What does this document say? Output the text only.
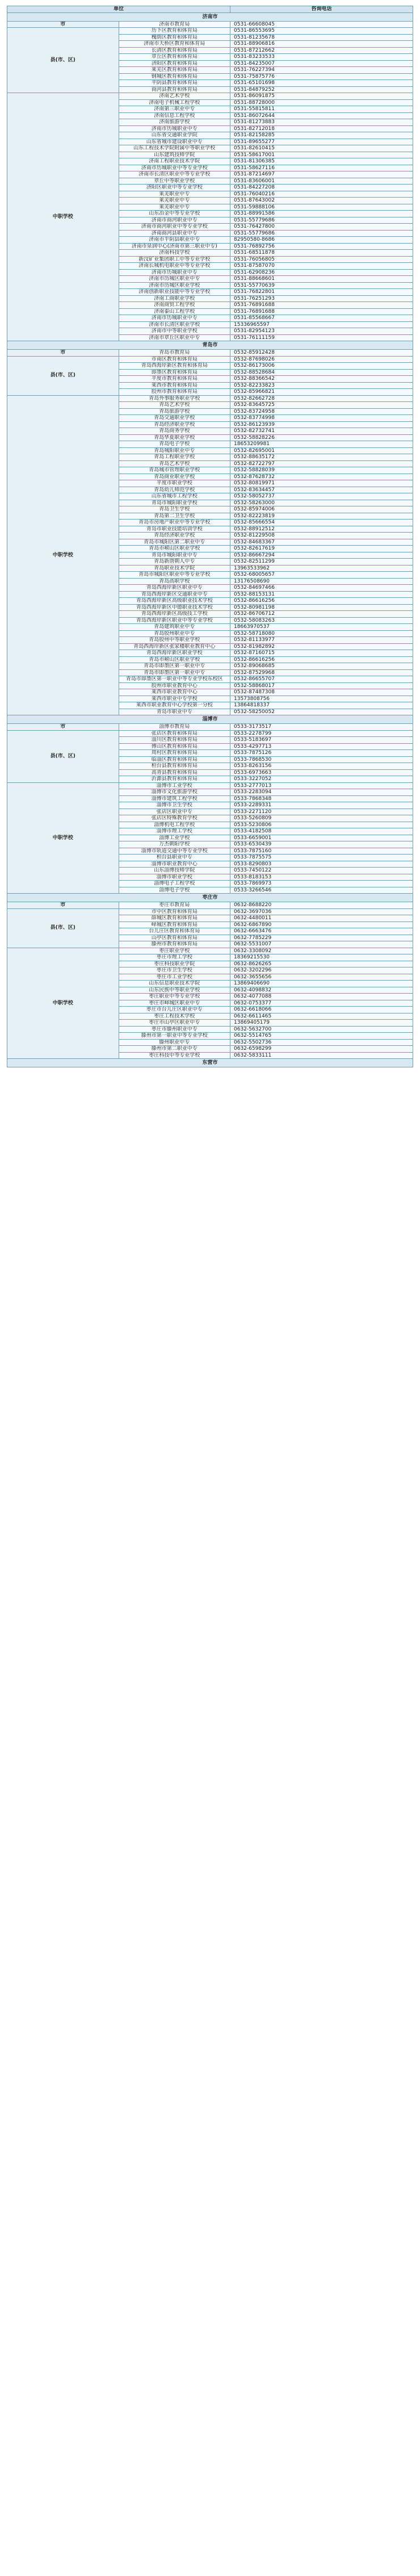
单位		咨询电话
济南市		
市	济南市教育局	0531-66608045
县(市、区)	历下区教育和体育局	0531-86553695
	槐荫区教育和体育局	0531-81235678
	济南市天桥区教育和体育局	0531-88906816
	长清区教育和体育局	0531-87212662
	章丘区教育和体育局	0531-83233533
	济阳区教育和体育局	0531-84235007
	莱芜区教育和体育局	0531-76227394
	钢城区教育和体育局	0531-75875776
	平阴县教育和体育局	0531-65101698
	商河县教育和体育局	0531-84879252
中职学校	济南艺术学校	0531-86091875
	济南电子机械工程学校	0531-88728000
	济南第三职业中专	0531-55815811
	济南信息工程学校	0531-86072644
	济南旅游学校	0531-81273883
	济南市历城职业中专	0531-82712018
	山东省交通职业学院	0531-82158285
	山东省城市建设职业中专	0531-89655277
	山东工程技术学院附属中等职业学校	0531-82610415
	山东建筑技师学院	0531-58617001
	济南工程职业技术学院	0531-81306385
	济南市历城职业中等专业学校	0531-58627116
	济南市长清区职业中等专业学校	0531-87214697
	章丘中等职业学校	0531-83606001
	济阳区职业中等专业学校	0531-84227208
	莱芜职业中专	0531-76040216
	莱芜职业中专	0531-87643002
	莱芜职业中专	0531-59888106
	山东冶金中等专业学校	0531-88991586
	济南市商河职业中专	0531-55779686
	济南市商河职业中等专业学校	0531-76427800
	济南商河县职业中专	0531-55779686
	济南市平阴县职业中专	82950580-8686
	济南市泉润中心(济南市第三职业中专)	0531-76892756
	济南科技学校	0531-68511878
	新汶矿业集团职工中等专业学校	0531-76056805
	济南长城机电职业中等专业学校	0531-87587070
	济南市历城职业中专	0531-62908236
	济南市历城区职业中专	0531-88668601
	济南市历城区职业学校	0531-55770639
	济南创新职业技能中等专业学校	0531-76822801
	济南工商职业学校	0531-76251293
	济南商贸工程学校	0531-76891688
	济南泰山工程学校	0531-76891688
	济南市历城职业中专	0531-85568667
	济南市长清区职业学校	15336965597
	济南市中等职业学校	0531-82954123
	济南市章丘区职业中专	0531-76111159
青岛市		
市	青岛市教育局	0532-85912428
县(市、区)	市南区教育和体育局	0532-87698026
	青岛西海岸新区教育和体育局	0532-86173006
	即墨区教育和体育局	0532-88528684
	平度市教育和体育局	0532-88366542
	莱西市教育和体育局	0532-82233823
	胶州市教育和体育局	0532-85966821
中职学校	青岛外事服务职业学校	0532-82662728
	青岛艺术学校	0532-83645725
	青岛旅游学校	0532-83724958
	青岛交通职业学校	0532-83774998
	青岛经济职业学校	0532-86123939
	青岛商务学校	0532-82732741
	青岛华夏职业学校	0532-58828226
	青岛电子学校	18653209981
	青岛城阳职业中专	0532-82695001
	青岛工程职业学校	0532-88635172
	青岛艺术学校	0532-82722797
	青岛城市管理职业学校	0532-58828039
	青岛商业职业学校	0532-87628732
	平度市职业学校	0532-80819971
	青岛幼儿师范学校	0532-83634457
	山东省城市工程学校	0532-58052737
	青岛市城阳职业学校	0532-58263000
	青岛卫生学校	0532-85974006
	青岛第二卫生学校	0532-82223819
	青岛市房地产职业中等专业学校	0532-85666554
	青岛市职业技能培训学校	0532-88912512
	青岛经济职业学校	0532-81229508
	青岛市城阳区第二职业中专	0532-84683367
	青岛市崂山区职业学校	0532-82617619
	青岛市城阳职业中专	0532-86667294
	青岛新唐朝人中专	0532-82511299
	青岛职业技术学院	13963533962
	青岛市城阳区职业中等专业学校	0532-68005657
	青岛高职学校	13176508690
	青岛西海岸新区职业中专	0532-84697466
	青岛西海岸新区交通职业中专	0532-88153131
	青岛西海岸新区高级职业技术学校	0532-86616256
	青岛西海岸新区中德职业技术学校	0532-80981198
	青岛西海岸新区高级技工学校	0532-86706712
	青岛西海岸新区职业中等专业学校	0532-58083263
	青岛建筑职业中专	18663970537
	青岛胶州职业中专	0532-58718080
	青岛胶州中等职业学校	0532-81133977
	青岛西海岸新区张家楼职业教育中心	0532-81982892
	青岛西海岸新区职业学校	0532-87160715
	青岛市崂山区职业学校	0532-86616256
	青岛市即墨区第一职业中专	0532-89068685
	青岛市即墨区第一职业中专	0532-87529968
	青岛市即墨区第一职业中等专业学校东校区	0532-86655707
	胶州市职业教育中心	0532-58868017
	莱西市职业教育中心	0532-87487308
	莱西市职业中专学校	13573808756
	莱西市职业教育中心学校第一分校	13864818337
	青岛市职业中专	0532-58250052
淄博市		
市	淄博市教育局	0533-3173517
县(市、区)	张店区教育和体育局	0533-2278799
	淄川区教育和体育局	0533-5183697
	博山区教育和体育局	0533-4297713
	周村区教育和体育局	0533-7875126
	临淄区教育和体育局	0533-7868530
	桓台县教育和体育局	0533-8263156
	高青县教育和体育局	0533-6973663
	沂源县教育和体育局	0533-3227052
中职学校	淄博市工业学校	0533-2777013
	淄博市文化旅游学校	0533-2283094
	淄博市建筑工程学校	0533-7868348
	淄博市卫生学校	0533-2289331
	张店区职业中专	0533-2271120
	张店区特殊教育学校	0533-5260809
	淄博机电工程学校	0533-5230806
	淄博市理工学校	0533-4182508
	淄博工业学校	0533-6659001
	万杰朝阳学校	0533-6530439
	淄博市轨道交通中等专业学校	0533-7875160
	桓台县职业中专	0533-7875575
	淄博市职业教育中心	0533-8290803
	山东淄博技师学院	0533-7450122
	淄博市职业学校	0533-8183153
	淄博电子工程学校	0533-7869973
	淄博电子学校	0533-3266546
枣庄市		
市	枣庄市教育局	0632-8688220
县(市、区)	市中区教育和体育局	0632-3697036
	薛城区教育和体育局	0632-4480011
	峄城区教育和体育局	0632-6867890
	台儿庄区教育和体育局	0632-6663476
	山亭区教育和体育局	0632-7785229
	滕州市教育和体育局	0632-5531007
中职学校	枣庄职业学校	0632-3308092
	枣庄市理工学校	18369215530
	枣庄科技职业学院	0632-8626265
	枣庄市卫生学校	0632-3202296
	枣庄市工业学校	0632-3655656
	山东信息职业技术学院	13869406690
	山东民族中等职业学校	0632-4098832
	枣庄职业中等专业学校	0632-4077088
	枣庄市峄城区职业中专	0632-0753377
	枣庄市台儿庄区职业中专	0632-6618066
	枣庄工程技术学校	0632-6611465
	枣庄市山亭区职业中专	13869405179
	枣庄市滕州职业中专	0632-5632700
	滕州市第一职业中等专业学校	0632-5514765
	滕州职业中专	0632-5502736
	滕州市第二职业中专	0632-6598299
	枣庄科技中等专业学校	0632-5833111
东营市		
